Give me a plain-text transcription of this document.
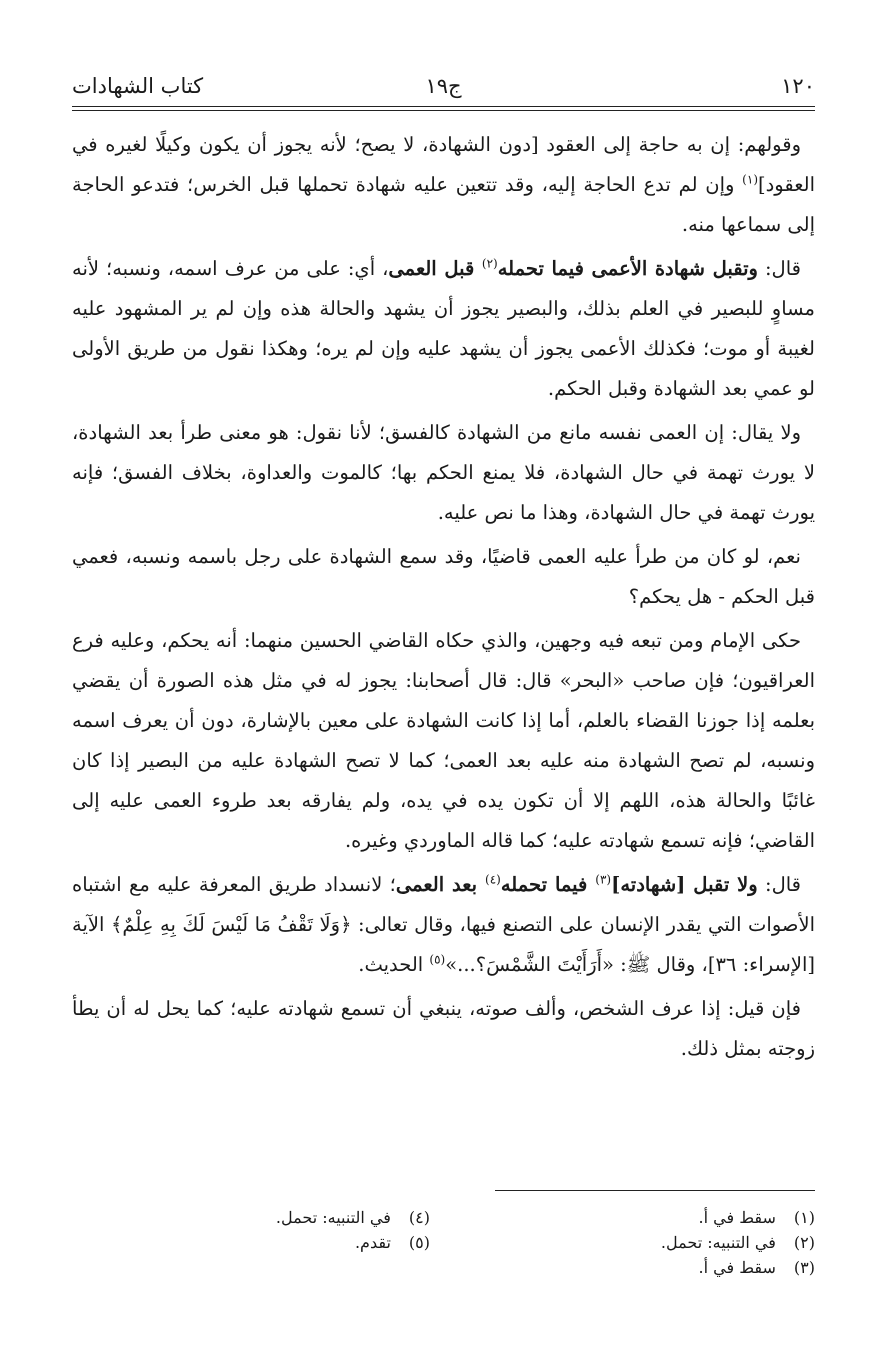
١٢٠
ج١٩
كتاب الشهادات

وقولهم: إن به حاجة إلى العقود [دون الشهادة، لا يصح؛ لأنه يجوز أن يكون وكيلًا لغيره في العقود]$^{(١)}$ وإن لم تدع الحاجة إليه، وقد تتعين عليه شهادة تحملها قبل الخرس؛ فتدعو الحاجة إلى سماعها منه.

قال: وتقبل شهادة الأعمى فيما تحمله$^{(٢)}$ قبل العمى، أي: على من عرف اسمه، ونسبه؛ لأنه مساوٍ للبصير في العلم بذلك، والبصير يجوز أن يشهد والحالة هذه وإن لم ير المشهود عليه لغيبة أو موت؛ فكذلك الأعمى يجوز أن يشهد عليه وإن لم يره؛ وهكذا نقول من طريق الأولى لو عمي بعد الشهادة وقبل الحكم.

ولا يقال: إن العمى نفسه مانع من الشهادة كالفسق؛ لأنا نقول: هو معنى طرأ بعد الشهادة، لا يورث تهمة في حال الشهادة، فلا يمنع الحكم بها؛ كالموت والعداوة، بخلاف الفسق؛ فإنه يورث تهمة في حال الشهادة، وهذا ما نص عليه.

نعم، لو كان من طرأ عليه العمى قاضيًا، وقد سمع الشهادة على رجل باسمه ونسبه، فعمي قبل الحكم - هل يحكم؟

حكى الإمام ومن تبعه فيه وجهين، والذي حكاه القاضي الحسين منهما: أنه يحكم، وعليه فرع العراقيون؛ فإن صاحب «البحر» قال: قال أصحابنا: يجوز له في مثل هذه الصورة أن يقضي بعلمه إذا جوزنا القضاء بالعلم، أما إذا كانت الشهادة على معين بالإشارة، دون أن يعرف اسمه ونسبه، لم تصح الشهادة منه عليه بعد العمى؛ كما لا تصح الشهادة عليه من البصير إذا كان غائبًا والحالة هذه، اللهم إلا أن تكون يده في يده، ولم يفارقه بعد طروء العمى عليه إلى القاضي؛ فإنه تسمع شهادته عليه؛ كما قاله الماوردي وغيره.

قال: ولا تقبل [شهادته]$^{(٣)}$ فيما تحمله$^{(٤)}$ بعد العمى؛ لانسداد طريق المعرفة عليه مع اشتباه الأصوات التي يقدر الإنسان على التصنع فيها، وقال تعالى: ﴿وَلَا تَقْفُ مَا لَيْسَ لَكَ بِهِ عِلْمٌ﴾ الآية [الإسراء: ٣٦]، وقال ﷺ: «أَرَأَيْتَ الشَّمْسَ؟...»$^{(٥)}$ الحديث.

فإن قيل: إذا عرف الشخص، وألف صوته، ينبغي أن تسمع شهادته عليه؛ كما يحل له أن يطأ زوجته بمثل ذلك.

(١) سقط في أ.
(٢) في التنبيه: تحمل.
(٣) سقط في أ.
(٤) في التنبيه: تحمل.
(٥) تقدم.
